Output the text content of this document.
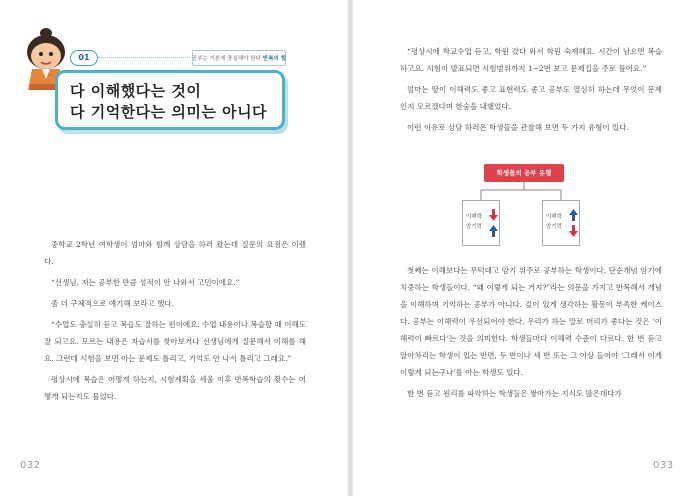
01	공부는 기본에 충실해야 한다 반복의 힘
다 이해했다는 것이
다 기억한다는 의미는 아니다

중학교 2학년 여학생이 엄마와 함께 상담을 하러 왔는데 질문의 요점은 이랬다.

“선생님, 저는 공부한 만큼 성적이 안 나와서 고민이에요.”

좀 더 구체적으로 얘기해 보라고 했다.

“수업도 충실히 듣고 복습도 잘하는 편이에요. 수업 내용이나 복습할 때 이해도 잘 되고요. 모르는 내용은 자습서를 찾아보거나 선생님에게 질문해서 이해를 해요. 그런데 시험을 보면 아는 문제도 틀리고, 기억도 안 나서 틀리고 그래요.”

평상시에 복습은 어떻게 하는지, 시험계획을 세울 이후 반복학습의 횟수는 어떻게 되는지도 물었다.

032

“평상시에 학교수업 듣고, 학원 갔다 와서 학원 숙제해요. 시간이 남으면 복습하고요. 시험이 발표되면 시험범위까지 1~2번 보고 문제집을 주로 풀어요.”

엄마는 딸이 이해력도 좋고 표현력도 좋고 공부도 열심히 하는데 무엇이 문제인지 모르겠다며 한숨을 내뱉었다.

이런 이유로 상담 하러온 학생들을 관찰해 보면 두 가지 유형이 있다.

학생들의 공부 유형
이해력
암기력
이해력
암기력

첫째는 이해보다는 무턱대고 암기 위주로 공부하는 학생이다. 단순개념 암기에 치중하는 학생들이다. “왜 이렇게 되는 거지?”라는 의문을 가지고 반복해서 개념을 이해하며 기억하는 공부가 아니다. 깊이 있게 생각하는 활동이 부족한 케이스다. 공부는 이해력이 우선되어야 한다. 우리가 하는 말로 머리가 좋다는 것은 ‘이해력이 빠르다’는 것을 의미한다. 학생들마다 이해력 수준이 다르다. 한 번 듣고 알아차리는 학생이 있는 반면, 두 번이나 세 번 또는 그 이상 들어야 ‘그래서 이게 이렇게 되는구나’를 아는 학생도 있다.

한 번 듣고 원리를 파악하는 학생들은 쌓아가는 지식도 많은데다가

033
